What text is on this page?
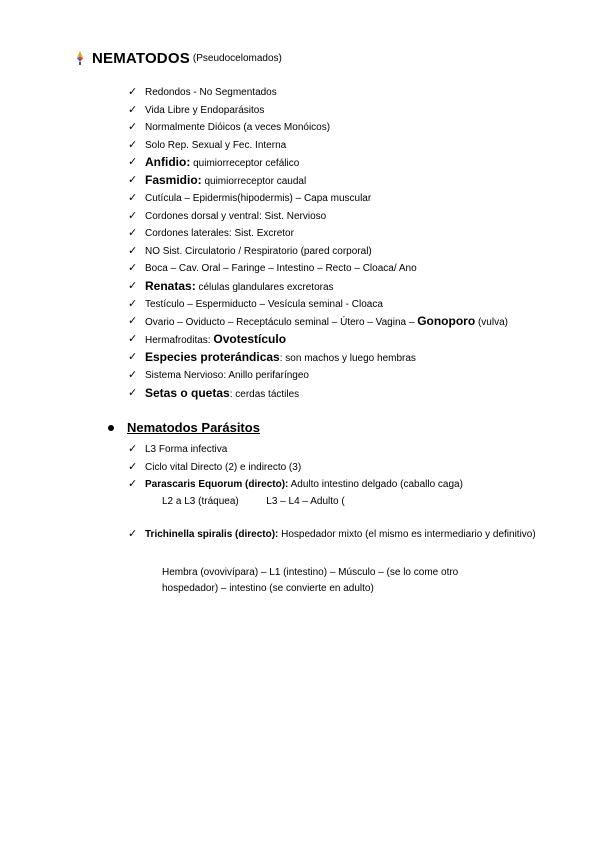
NEMATODOS (Pseudocelomados)
✓ Redondos - No Segmentados
✓ Vida Libre y Endoparásitos
✓ Normalmente Dióicos (a veces Monóicos)
✓ Solo Rep. Sexual y Fec. Interna
✓ Anfidio: quimiorreceptor cefálico
✓ Fasmidio: quimiorreceptor caudal
✓ Cutícula – Epidermis(hipodermis) – Capa muscular
✓ Cordones dorsal y ventral: Sist. Nervioso
✓ Cordones laterales: Sist. Excretor
✓ NO Sist. Circulatorio / Respiratorio (pared corporal)
✓ Boca – Cav. Oral – Faringe – Intestino – Recto – Cloaca/ Ano
✓ Renatas: células glandulares excretoras
✓ Testículo – Espermiducto – Vesícula seminal - Cloaca
✓ Ovario – Oviducto – Receptáculo seminal – Útero – Vagina – Gonoporo (vulva)
✓ Hermafroditas: Ovotestículo
✓ Especies proterándicas: son machos y luego hembras
✓ Sistema Nervioso: Anillo perifaríngeo
✓ Setas o quetas: cerdas táctiles
Nematodos Parásitos
✓ L3 Forma infectiva
✓ Ciclo vital Directo (2) e indirecto (3)
✓ Parascaris Equorum (directo): Adulto intestino delgado (caballo caga)
L2 a L3 (tráquea)	L3 – L4 – Adulto (
✓ Trichinella spiralis (directo): Hospedador mixto (el mismo es intermediario y definitivo)
Hembra (ovovivípara) – L1 (intestino) – Músculo – (se lo come otro
hospedador) – intestino (se convierte en adulto)
